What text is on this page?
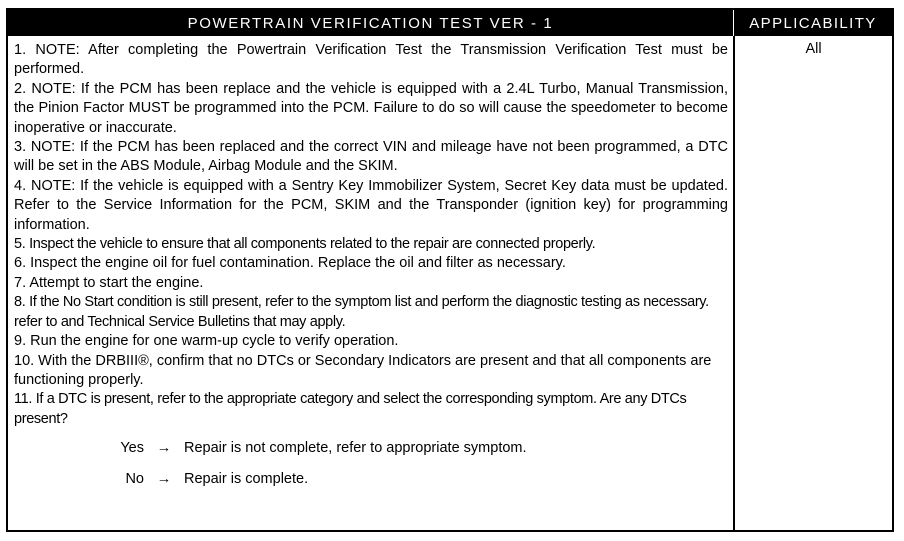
POWERTRAIN VERIFICATION TEST VER - 1	APPLICABILITY
All

1. NOTE: After completing the Powertrain Verification Test the Transmission Verification Test must be performed.

2. NOTE: If the PCM has been replace and the vehicle is equipped with a 2.4L Turbo, Manual Transmission, the Pinion Factor MUST be programmed into the PCM. Failure to do so will cause the speedometer to become inoperative or inaccurate.

3. NOTE: If the PCM has been replaced and the correct VIN and mileage have not been programmed, a DTC will be set in the ABS Module, Airbag Module and the SKIM.

4. NOTE: If the vehicle is equipped with a Sentry Key Immobilizer System, Secret Key data must be updated. Refer to the Service Information for the PCM, SKIM and the Transponder (ignition key) for programming information.

5. Inspect the vehicle to ensure that all components related to the repair are connected properly.

6. Inspect the engine oil for fuel contamination. Replace the oil and filter as necessary.

7. Attempt to start the engine.

8. If the No Start condition is still present, refer to the symptom list and perform the diagnostic testing as necessary. refer to and Technical Service Bulletins that may apply.

9. Run the engine for one warm-up cycle to verify operation.

10. With the DRBIII®, confirm that no DTCs or Secondary Indicators are present and that all components are functioning properly.

11. If a DTC is present, refer to the appropriate category and select the corresponding symptom. Are any DTCs present?

Yes → Repair is not complete, refer to appropriate symptom.
No → Repair is complete.
